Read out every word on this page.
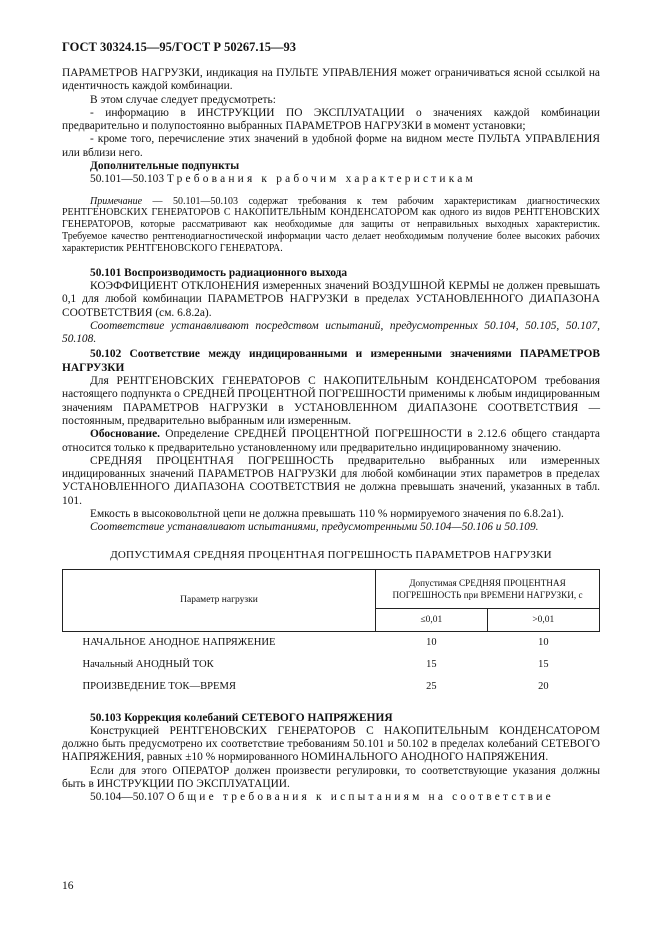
ГОСТ 30324.15—95/ГОСТ Р 50267.15—93

ПАРАМЕТРОВ НАГРУЗКИ, индикация на ПУЛЬТЕ УПРАВЛЕНИЯ может ограничиваться ясной ссылкой на идентичность каждой комбинации.

В этом случае следует предусмотреть:

- информацию в ИНСТРУКЦИИ ПО ЭКСПЛУАТАЦИИ о значениях каждой комбинации предварительно и полупостоянно выбранных ПАРАМЕТРОВ НАГРУЗКИ в момент установки;

- кроме того, перечисление этих значений в удобной форме на видном месте ПУЛЬТА УПРАВЛЕНИЯ или вблизи него.

Дополнительные подпункты

50.101—50.103 Требования к рабочим характеристикам

Примечание — 50.101—50.103 содержат требования к тем рабочим характеристикам диагностических РЕНТГЕНОВСКИХ ГЕНЕРАТОРОВ С НАКОПИТЕЛЬНЫМ КОНДЕНСАТОРОМ как одного из видов РЕНТГЕНОВСКИХ ГЕНЕРАТОРОВ, которые рассматривают как необходимые для защиты от неправильных выходных характеристик. Требуемое качество рентгенодиагностической информации часто делает необходимым получение более высоких рабочих характеристик РЕНТГЕНОВСКОГО ГЕНЕРАТОРА.

50.101 Воспроизводимость радиационного выхода

КОЭФФИЦИЕНТ ОТКЛОНЕНИЯ измеренных значений ВОЗДУШНОЙ КЕРМЫ не должен превышать 0,1 для любой комбинации ПАРАМЕТРОВ НАГРУЗКИ в пределах УСТАНОВЛЕННОГО ДИАПАЗОНА СООТВЕТСТВИЯ (см. 6.8.2а).

Соответствие устанавливают посредством испытаний, предусмотренных 50.104, 50.105, 50.107, 50.108.

50.102 Соответствие между индицированными и измеренными значениями ПАРАМЕТРОВ НАГРУЗКИ

Для РЕНТГЕНОВСКИХ ГЕНЕРАТОРОВ С НАКОПИТЕЛЬНЫМ КОНДЕНСАТОРОМ требования настоящего подпункта о СРЕДНЕЙ ПРОЦЕНТНОЙ ПОГРЕШНОСТИ применимы к любым индицированным значениям ПАРАМЕТРОВ НАГРУЗКИ в УСТАНОВЛЕННОМ ДИАПАЗОНЕ СООТВЕТСТВИЯ — постоянным, предварительно выбранным или измеренным.

Обоснование. Определение СРЕДНЕЙ ПРОЦЕНТНОЙ ПОГРЕШНОСТИ в 2.12.6 общего стандарта относится только к предварительно установленному или предварительно индицированному значению.

СРЕДНЯЯ ПРОЦЕНТНАЯ ПОГРЕШНОСТЬ предварительно выбранных или измеренных индицированных значений ПАРАМЕТРОВ НАГРУЗКИ для любой комбинации этих параметров в пределах УСТАНОВЛЕННОГО ДИАПАЗОНА СООТВЕТСТВИЯ не должна превышать значений, указанных в табл. 101.

Емкость в высоковольтной цепи не должна превышать 110 % нормируемого значения по 6.8.2а1).

Соответствие устанавливают испытаниями, предусмотренными 50.104—50.106 и 50.109.

ДОПУСТИМАЯ СРЕДНЯЯ ПРОЦЕНТНАЯ ПОГРЕШНОСТЬ ПАРАМЕТРОВ НАГРУЗКИ
Параметр нагрузки	Допустимая СРЕДНЯЯ ПРОЦЕНТНАЯ
ПОГРЕШНОСТЬ при ВРЕМЕНИ НАГРУЗКИ, с	

	≤0,01	>0,01
НАЧАЛЬНОЕ АНОДНОЕ НАПРЯЖЕНИЕ	10	10
Начальный АНОДНЫЙ ТОК	15	15
ПРОИЗВЕДЕНИЕ ТОК—ВРЕМЯ	25	20

50.103 Коррекция колебаний СЕТЕВОГО НАПРЯЖЕНИЯ

Конструкцией РЕНТГЕНОВСКИХ ГЕНЕРАТОРОВ С НАКОПИТЕЛЬНЫМ КОНДЕНСАТОРОМ должно быть предусмотрено их соответствие требованиям 50.101 и 50.102 в пределах колебаний СЕТЕВОГО НАПРЯЖЕНИЯ, равных ±10 % нормированного НОМИНАЛЬНОГО АНОДНОГО НАПРЯЖЕНИЯ.

Если для этого ОПЕРАТОР должен произвести регулировки, то соответствующие указания должны быть в ИНСТРУКЦИИ ПО ЭКСПЛУАТАЦИИ.

50.104—50.107 Общие требования к испытаниям на соответствие

16
